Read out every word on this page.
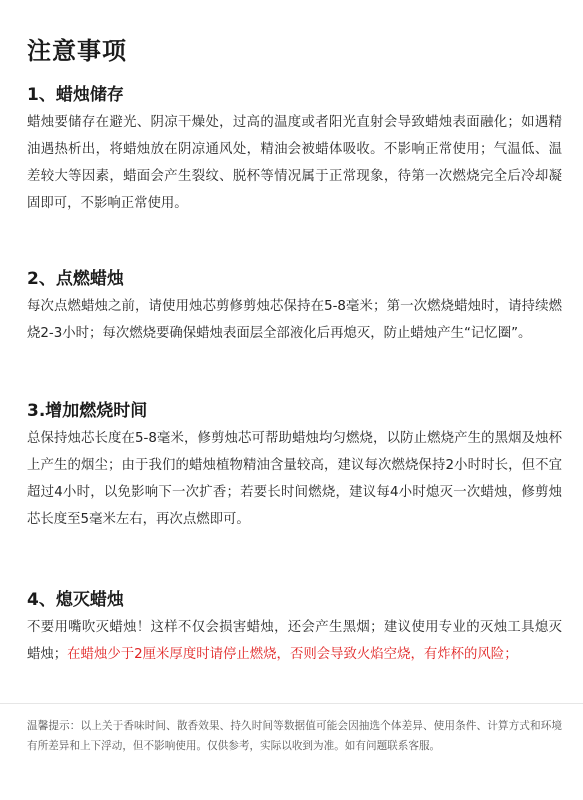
注意事项
1、蜡烛储存
蜡烛要储存在避光、阴凉干燥处，过高的温度或者阳光直射会导致蜡烛表面融化；如遇精油遇热析出，将蜡烛放在阴凉通风处，精油会被蜡体吸收。不影响正常使用；气温低、温差较大等因素，蜡面会产生裂纹、脱杯等情况属于正常现象，待第一次燃烧完全后冷却凝固即可，不影响正常使用。
2、点燃蜡烛
每次点燃蜡烛之前，请使用烛芯剪修剪烛芯保持在5-8毫米；第一次燃烧蜡烛时，请持续燃烧2-3小时；每次燃烧要确保蜡烛表面层全部液化后再熄灭，防止蜡烛产生“记忆圈”。
3.增加燃烧时间
总保持烛芯长度在5-8毫米，修剪烛芯可帮助蜡烛均匀燃烧，以防止燃烧产生的黑烟及烛杯上产生的烟尘；由于我们的蜡烛植物精油含量较高，建议每次燃烧保持2小时时长，但不宜超过4小时，以免影响下一次扩香；若要长时间燃烧，建议每4小时熄灭一次蜡烛，修剪烛芯长度至5毫米左右，再次点燃即可。
4、熄灭蜡烛
不要用嘴吹灭蜡烛！这样不仅会损害蜡烛，还会产生黑烟；建议使用专业的灭烛工具熄灭蜡烛；在蜡烛少于2厘米厚度时请停止燃烧，否则会导致火焰空烧，有炸杯的风险；
温馨提示：以上关于香味时间、散香效果、持久时间等数据值可能会因抽选个体差异、使用条件、计算方式和环境有所差异和上下浮动，但不影响使用。仅供参考，实际以收到为准。如有问题联系客服。
